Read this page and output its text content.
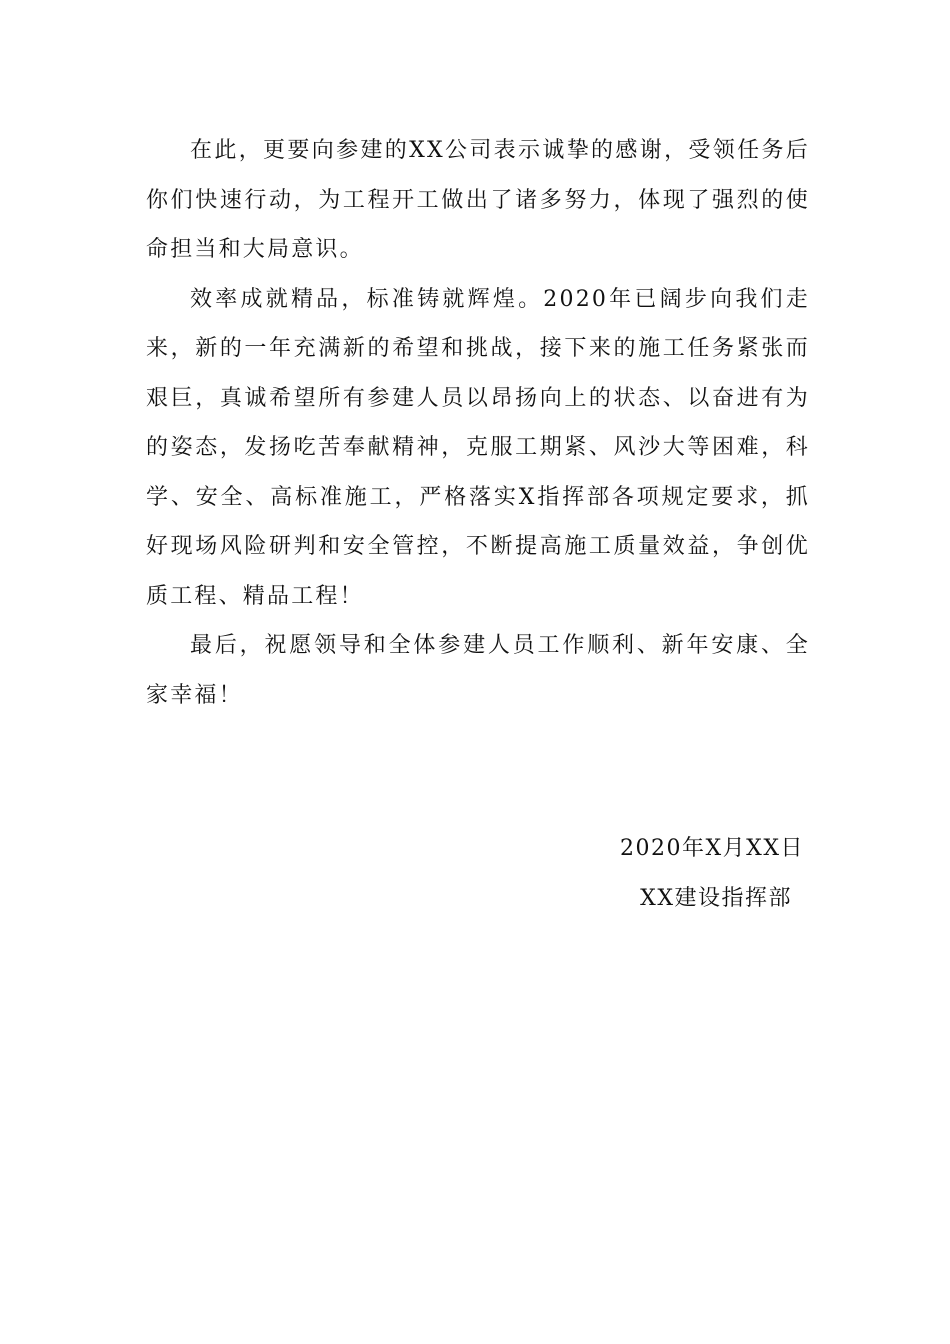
在此，更要向参建的XX公司表示诚挚的感谢，受领任务后你们快速行动，为工程开工做出了诸多努力，体现了强烈的使命担当和大局意识。

效率成就精品，标准铸就辉煌。2020年已阔步向我们走来，新的一年充满新的希望和挑战，接下来的施工任务紧张而艰巨，真诚希望所有参建人员以昂扬向上的状态、以奋进有为的姿态，发扬吃苦奉献精神，克服工期紧、风沙大等困难，科学、安全、高标准施工，严格落实X指挥部各项规定要求，抓好现场风险研判和安全管控，不断提高施工质量效益，争创优质工程、精品工程！

最后，祝愿领导和全体参建人员工作顺利、新年安康、全家幸福！

2020年X月XX日
XX建设指挥部
